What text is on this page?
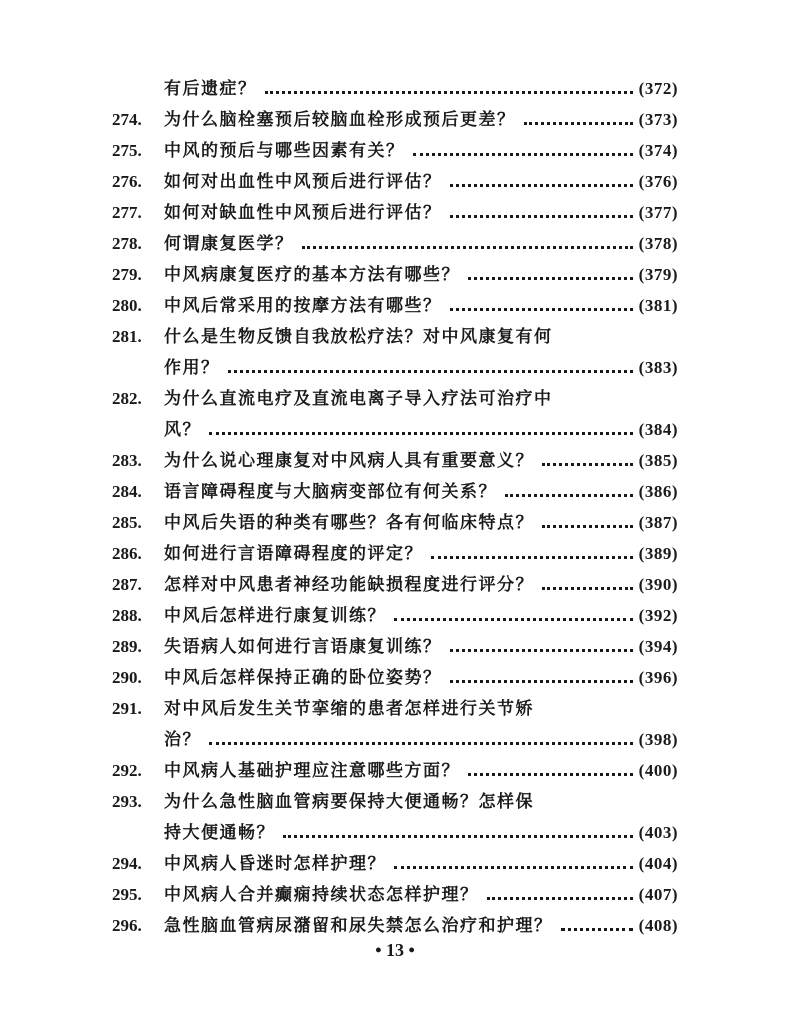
有后遗症？	(372)
274.	为什么脑栓塞预后较脑血栓形成预后更差？	(373)
275.	中风的预后与哪些因素有关？	(374)
276.	如何对出血性中风预后进行评估？	(376)
277.	如何对缺血性中风预后进行评估？	(377)
278.	何谓康复医学？	(378)
279.	中风病康复医疗的基本方法有哪些？	(379)
280.	中风后常采用的按摩方法有哪些？	(381)
281.	什么是生物反馈自我放松疗法？对中风康复有何
作用？	(383)
282.	为什么直流电疗及直流电离子导入疗法可治疗中
风？	(384)
283.	为什么说心理康复对中风病人具有重要意义？	(385)
284.	语言障碍程度与大脑病变部位有何关系？	(386)
285.	中风后失语的种类有哪些？各有何临床特点？	(387)
286.	如何进行言语障碍程度的评定？	(389)
287.	怎样对中风患者神经功能缺损程度进行评分？	(390)
288.	中风后怎样进行康复训练？	(392)
289.	失语病人如何进行言语康复训练？	(394)
290.	中风后怎样保持正确的卧位姿势？	(396)
291.	对中风后发生关节挛缩的患者怎样进行关节矫
治？	(398)
292.	中风病人基础护理应注意哪些方面？	(400)
293.	为什么急性脑血管病要保持大便通畅？怎样保
持大便通畅？	(403)
294.	中风病人昏迷时怎样护理？	(404)
295.	中风病人合并癫痫持续状态怎样护理？	(407)
296.	急性脑血管病尿潴留和尿失禁怎么治疗和护理？	(408)
• 13 •
